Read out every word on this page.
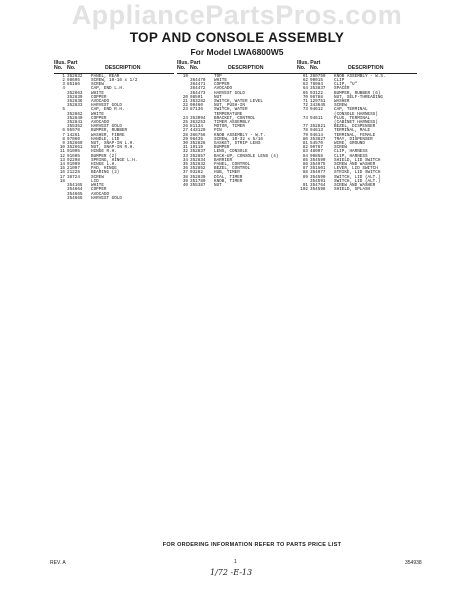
AppliancePartsPros.com
TOP AND CONSOLE ASSEMBLY
For Model LWA6800W5
Illus. Part
No. No.	DESCRIPTION
1 352832	PANEL, REAR
2 98605	SCREW, 10-16 x 1/2
3 85186	SCREW
4	CAP, END L.H.
352863	WHITE
352839	COPPER
352836	AVOCADO
352833	HARVEST GOLD
5	CAP, END R.H.
352862	WHITE
352840	COPPER
352841	AVOCADO
355352	HARVEST GOLD
6 95970	BUMPER, RUBBER
7 14261	WASHER, FIBRE
8 97060	HANDLE, LID
9 352660	NUT, SNAP-IN L.H.
10 352661	NUT, SNAP-IN R.H.
11 91005	HINGE R.H.
12 91605	BUMPER (2)
13 92298	SPRING, HINGE L.H.
14 91009	HINGE L.H.
15 21097	PAD, HINGE
16 21228	BEARING (2)
17 38724	SCREW
18	LID
354165	WHITE
354664	COPPER
354665	AVOCADO
354666	HARVEST GOLD
Illus. Part
No. No.	DESCRIPTION
19	TOP
364470	WHITE
364471	COPPER
364472	AVOCADO
364473	HARVEST GOLD
20 98591	NUT
21 363282	SWITCH, WATER LEVEL
22 90460	NUT, PUSH-IN
23 87136	SWITCH, WATER
TEMPERATURE
24 353094	BRACKET, CONTROL
25 363253	TIMER ASSEMBLY
26 81134	MOTOR, TIMER
27 443120	PIN
28 366756	KNOB ASSEMBLY - W.T.
29 96435	SCREW, 10-32 x 5/16
30 352828	GASKET, STRIP LENS
31 19119	BUMPER
32 352837	LENS, CONSOLE
33 352857	BACK-UP, CONSOLE LENS (4)
34 352834	BARRIER
35 352832	PANEL, CONTROL
36 352852	BEZEL, CONTROL
37 93282	HUB, TIMER
38 352830	DIAL, TIMER
39 351789	KNOB, TIMER
40 355387	NUT
Illus. Part
No. No.	DESCRIPTION
61 360750	KNOB ASSEMBLY - W.S.
62 90015	CLIP
63 78084	CLIP, "U"
64 353837	SPACER
65 93122	BUMPER, RUBBER (6)
70 98788	NUT, SELF-THREADING
71 129751	WASHER
72 343645	SCREW
73 94612	CAP, TERMINAL
(CONSOLE HARNESS)
74 94611	PLUG, TERMINAL
(CABINET HARNESS)
77 352821	BEZEL, DISPENSER
78 94613	TERMINAL, MALE
79 94614	TERMINAL, FEMALE
80 353827	TRAY, DISPENSER
81 54570	WIRE, GROUND
82 90767	SCREW
83 48997	CLIP, HARNESS
84 90858	CLIP, HARNESS
85 354599	SHIELD, LID SWITCH
86 354975	SCREW AND WASHER
87 351501	LEVER, LID SWITCH
88 354977	STRIKE, LID SWITCH
89 354590	SWITCH, LID (ALT.)
354591	SWITCH, LID (ALT.)
91 354764	SCREW AND WASHER
102 354598	SHIELD, SPLASH
FOR ORDERING INFORMATION REFER TO PARTS PRICE LIST
REV. A	1	354938
1/72 -E-13
